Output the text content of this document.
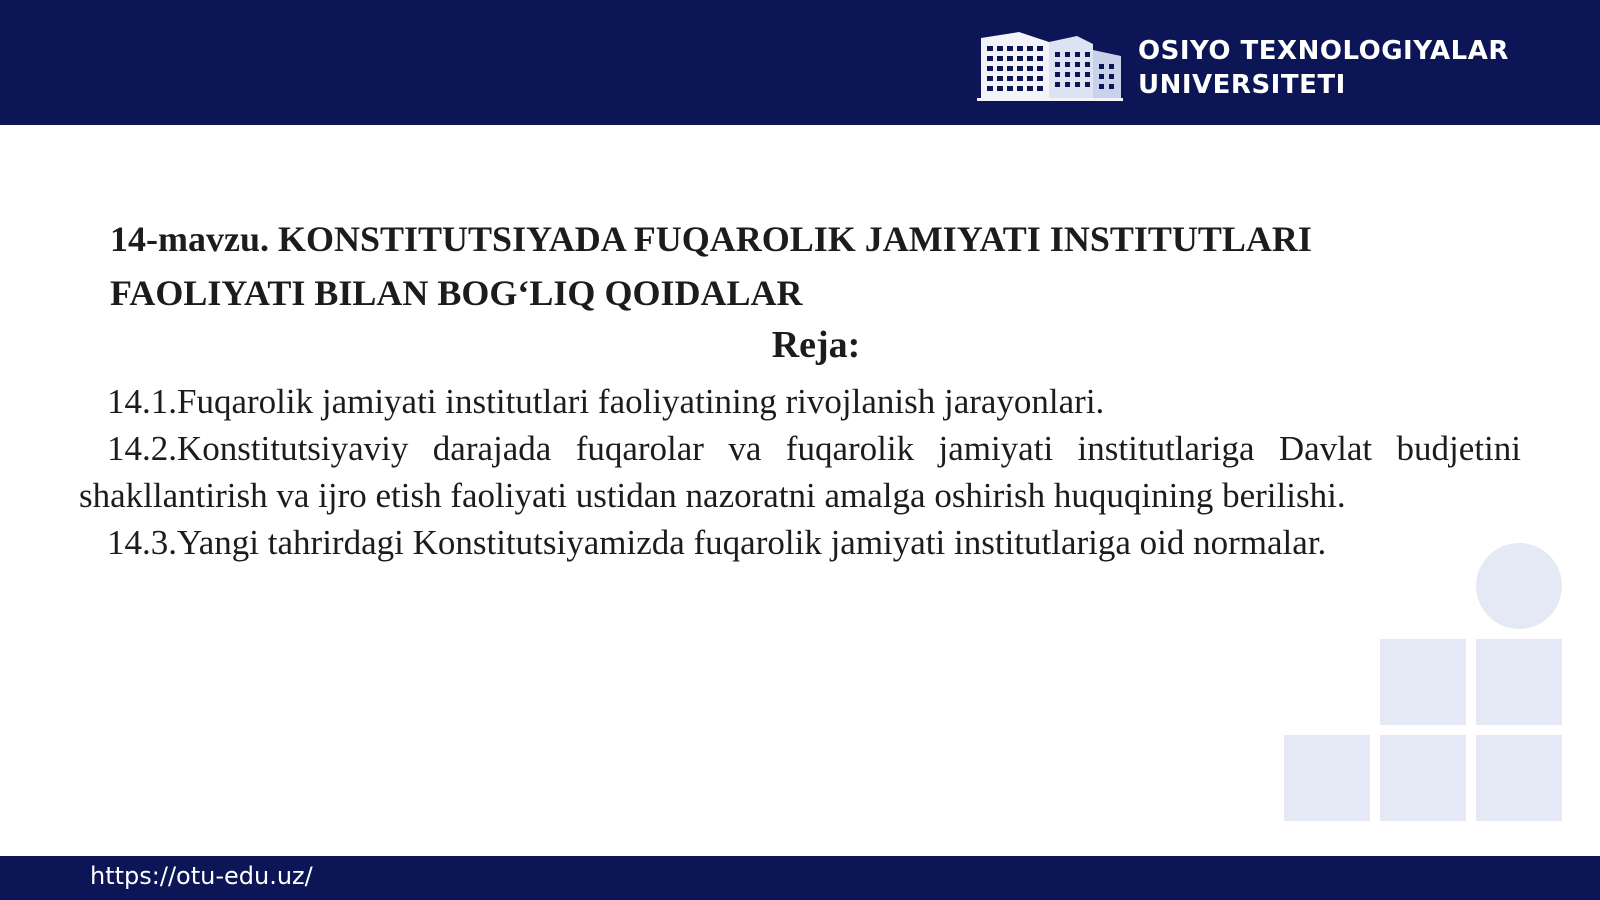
OSIYO TEXNOLOGIYALAR
UNIVERSITETI
14-mavzu. KONSTITUTSIYADA FUQAROLIK JAMIYATI INSTITUTLARI
FAOLIYATI BILAN BOG‘LIQ QOIDALAR
Reja:

14.1.Fuqarolik jamiyati institutlari faoliyatining rivojlanish jarayonlari.

14.2.Konstitutsiyaviy darajada fuqarolar va fuqarolik jamiyati institutlariga Davlat budjetini shakllantirish va ijro etish faoliyati ustidan nazoratni amalga oshirish huquqining berilishi.

14.3.Yangi tahrirdagi Konstitutsiyamizda fuqarolik jamiyati institutlariga oid normalar.

https://otu-edu.uz/
